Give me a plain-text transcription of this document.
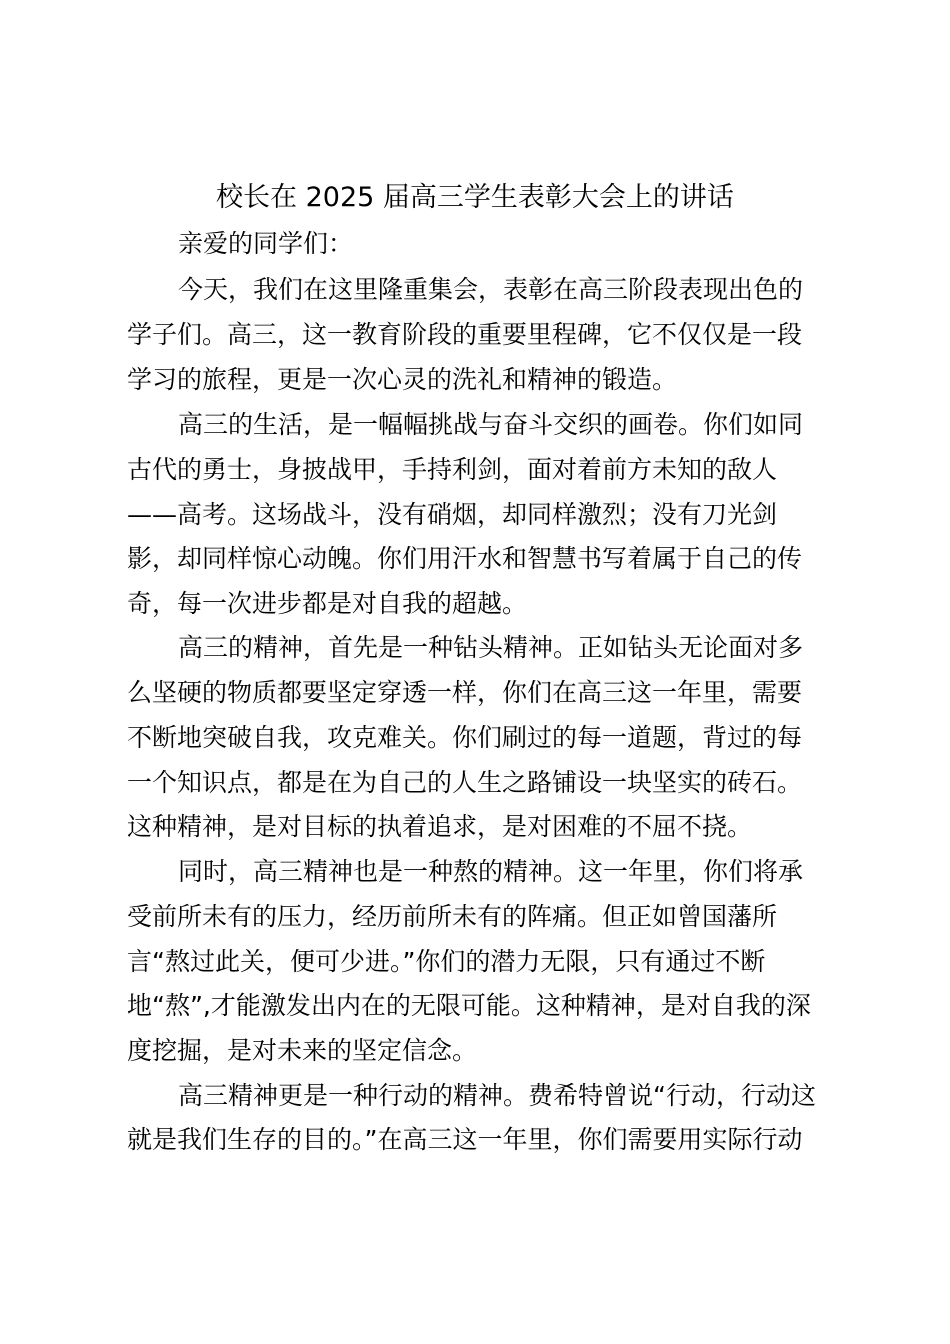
校长在 2025 届高三学生表彰大会上的讲话

亲爱的同学们：

今天，我们在这里隆重集会，表彰在高三阶段表现出色的

学子们。高三，这一教育阶段的重要里程碑，它不仅仅是一段

学习的旅程，更是一次心灵的洗礼和精神的锻造。

高三的生活，是一幅幅挑战与奋斗交织的画卷。你们如同

古代的勇士，身披战甲，手持利剑，面对着前方未知的敌人

——高考。这场战斗，没有硝烟，却同样激烈；没有刀光剑

影，却同样惊心动魄。你们用汗水和智慧书写着属于自己的传

奇，每一次进步都是对自我的超越。

高三的精神，首先是一种钻头精神。正如钻头无论面对多

么坚硬的物质都要坚定穿透一样，你们在高三这一年里，需要

不断地突破自我，攻克难关。你们刷过的每一道题，背过的每

一个知识点，都是在为自己的人生之路铺设一块坚实的砖石。

这种精神，是对目标的执着追求，是对困难的不屈不挠。

同时，高三精神也是一种熬的精神。这一年里，你们将承

受前所未有的压力，经历前所未有的阵痛。但正如曾国藩所

言“熬过此关，便可少进。”你们的潜力无限，只有通过不断

地“熬”,才能激发出内在的无限可能。这种精神，是对自我的深

度挖掘，是对未来的坚定信念。

高三精神更是一种行动的精神。费希特曾说“行动，行动这

就是我们生存的目的。”在高三这一年里，你们需要用实际行动
